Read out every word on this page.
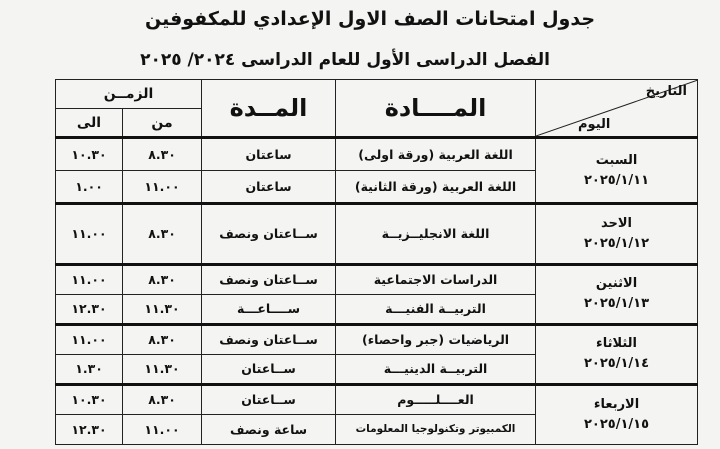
جدول امتحانات الصف الاول الإعدادي للمكفوفين
الفصل الدراسى الأول للعام الدراسى ٢٠٢٤/ ٢٠٢٥
التاريخ
اليوم	المــــادة	المــدة	الزمــن	
			من	الى

السبت
٢٠٢٥/١/١١	اللغة العربية (ورقة اولى)	ساعتان	٨.٣٠	١٠.٣٠
	اللغة العربية (ورقة الثانية)	ساعتان	١١.٠٠	١.٠٠

الاحد
٢٠٢٥/١/١٢	اللغة الانجليــزيــة	ســاعتان ونصف	٨.٣٠	١١.٠٠

الاثنين
٢٠٢٥/١/١٣	الدراسات الاجتماعية	ســاعتان ونصف	٨.٣٠	١١.٠٠
	التربيــة الفنيـــة	ســــاعـــة	١١.٣٠	١٢.٣٠

الثلاثاء
٢٠٢٥/١/١٤	الرياضيات (جبر واحصاء)	ســاعتان ونصف	٨.٣٠	١١.٠٠
	التربيــة الدينيـــة	ســاعتان	١١.٣٠	١.٣٠

الاربعاء
٢٠٢٥/١/١٥	العــــلـــــوم	ســاعتان	٨.٣٠	١٠.٣٠
	الكمبيوتر وتكنولوجيا المعلومات	ساعة ونصف	١١.٠٠	١٢.٣٠
